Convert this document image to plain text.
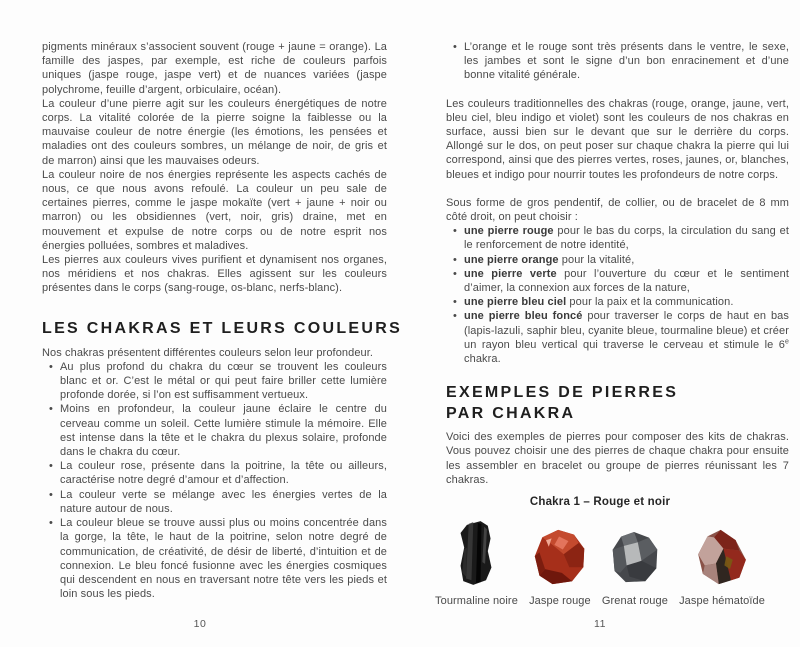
pigments minéraux s’associent souvent (rouge + jaune = orange). La famille des jaspes, par exemple, est riche de couleurs parfois uniques (jaspe rouge, jaspe vert) et de nuances variées (jaspe polychrome, feuille d’argent, orbiculaire, océan).

La couleur d’une pierre agit sur les couleurs énergétiques de notre corps. La vitalité colorée de la pierre soigne la faiblesse ou la mauvaise couleur de notre énergie (les émotions, les pensées et maladies ont des couleurs sombres, un mélange de noir, de gris et de marron) ainsi que les mauvaises odeurs.

La couleur noire de nos énergies représente les aspects cachés de nous, ce que nous avons refoulé. La couleur un peu sale de certaines pierres, comme le jaspe mokaïte (vert + jaune + noir ou marron) ou les obsidiennes (vert, noir, gris) draine, met en mouvement et expulse de notre corps ou de notre esprit nos énergies polluées, sombres et maladives.

Les pierres aux couleurs vives purifient et dynamisent nos organes, nos méridiens et nos chakras. Elles agissent sur les couleurs présentes dans le corps (sang-rouge, os-blanc, nerfs-blanc).

LES CHAKRAS ET LEURS COULEURS

Nos chakras présentent différentes couleurs selon leur profondeur.

• Au plus profond du chakra du cœur se trouvent les couleurs blanc et or. C’est le métal or qui peut faire briller cette lumière profonde dorée, si l’on est suffisamment vertueux.
• Moins en profondeur, la couleur jaune éclaire le centre du cerveau comme un soleil. Cette lumière stimule la mémoire. Elle est intense dans la tête et le chakra du plexus solaire, profonde dans le chakra du cœur.
• La couleur rose, présente dans la poitrine, la tête ou ailleurs, caractérise notre degré d’amour et d’affection.
• La couleur verte se mélange avec les énergies vertes de la nature autour de nous.
• La couleur bleue se trouve aussi plus ou moins concentrée dans la gorge, la tête, le haut de la poitrine, selon notre degré de communication, de créativité, de désir de liberté, d’intuition et de connexion. Le bleu foncé fusionne avec les énergies cosmiques qui descendent en nous en traversant notre tête vers les pieds et loin sous les pieds.
10
• L’orange et le rouge sont très présents dans le ventre, le sexe, les jambes et sont le signe d’un bon enracinement et d’une bonne vitalité générale.

Les couleurs traditionnelles des chakras (rouge, orange, jaune, vert, bleu ciel, bleu indigo et violet) sont les couleurs de nos chakras en surface, aussi bien sur le devant que sur le derrière du corps. Allongé sur le dos, on peut poser sur chaque chakra la pierre qui lui correspond, ainsi que des pierres vertes, roses, jaunes, or, blanches, bleues et indigo pour nourrir toutes les profondeurs de notre corps.

Sous forme de gros pendentif, de collier, ou de bracelet de 8 mm côté droit, on peut choisir :

• une pierre rouge pour le bas du corps, la circulation du sang et le renforcement de notre identité,
• une pierre orange pour la vitalité,
• une pierre verte pour l’ouverture du cœur et le sentiment d’aimer, la connexion aux forces de la nature,
• une pierre bleu ciel pour la paix et la communication.
• une pierre bleu foncé pour traverser le corps de haut en bas (lapis-lazuli, saphir bleu, cyanite bleue, tourmaline bleue) et créer un rayon bleu vertical qui traverse le cerveau et stimule le 6e chakra.
EXEMPLES DE PIERRES
PAR CHAKRA

Voici des exemples de pierres pour composer des kits de chakras. Vous pouvez choisir une des pierres de chaque chakra pour ensuite les assembler en bracelet ou groupe de pierres réunissant les 7 chakras.

Chakra 1 – Rouge et noir
Tourmaline noire Jaspe rouge Grenat rouge Jaspe hématoïde
11
